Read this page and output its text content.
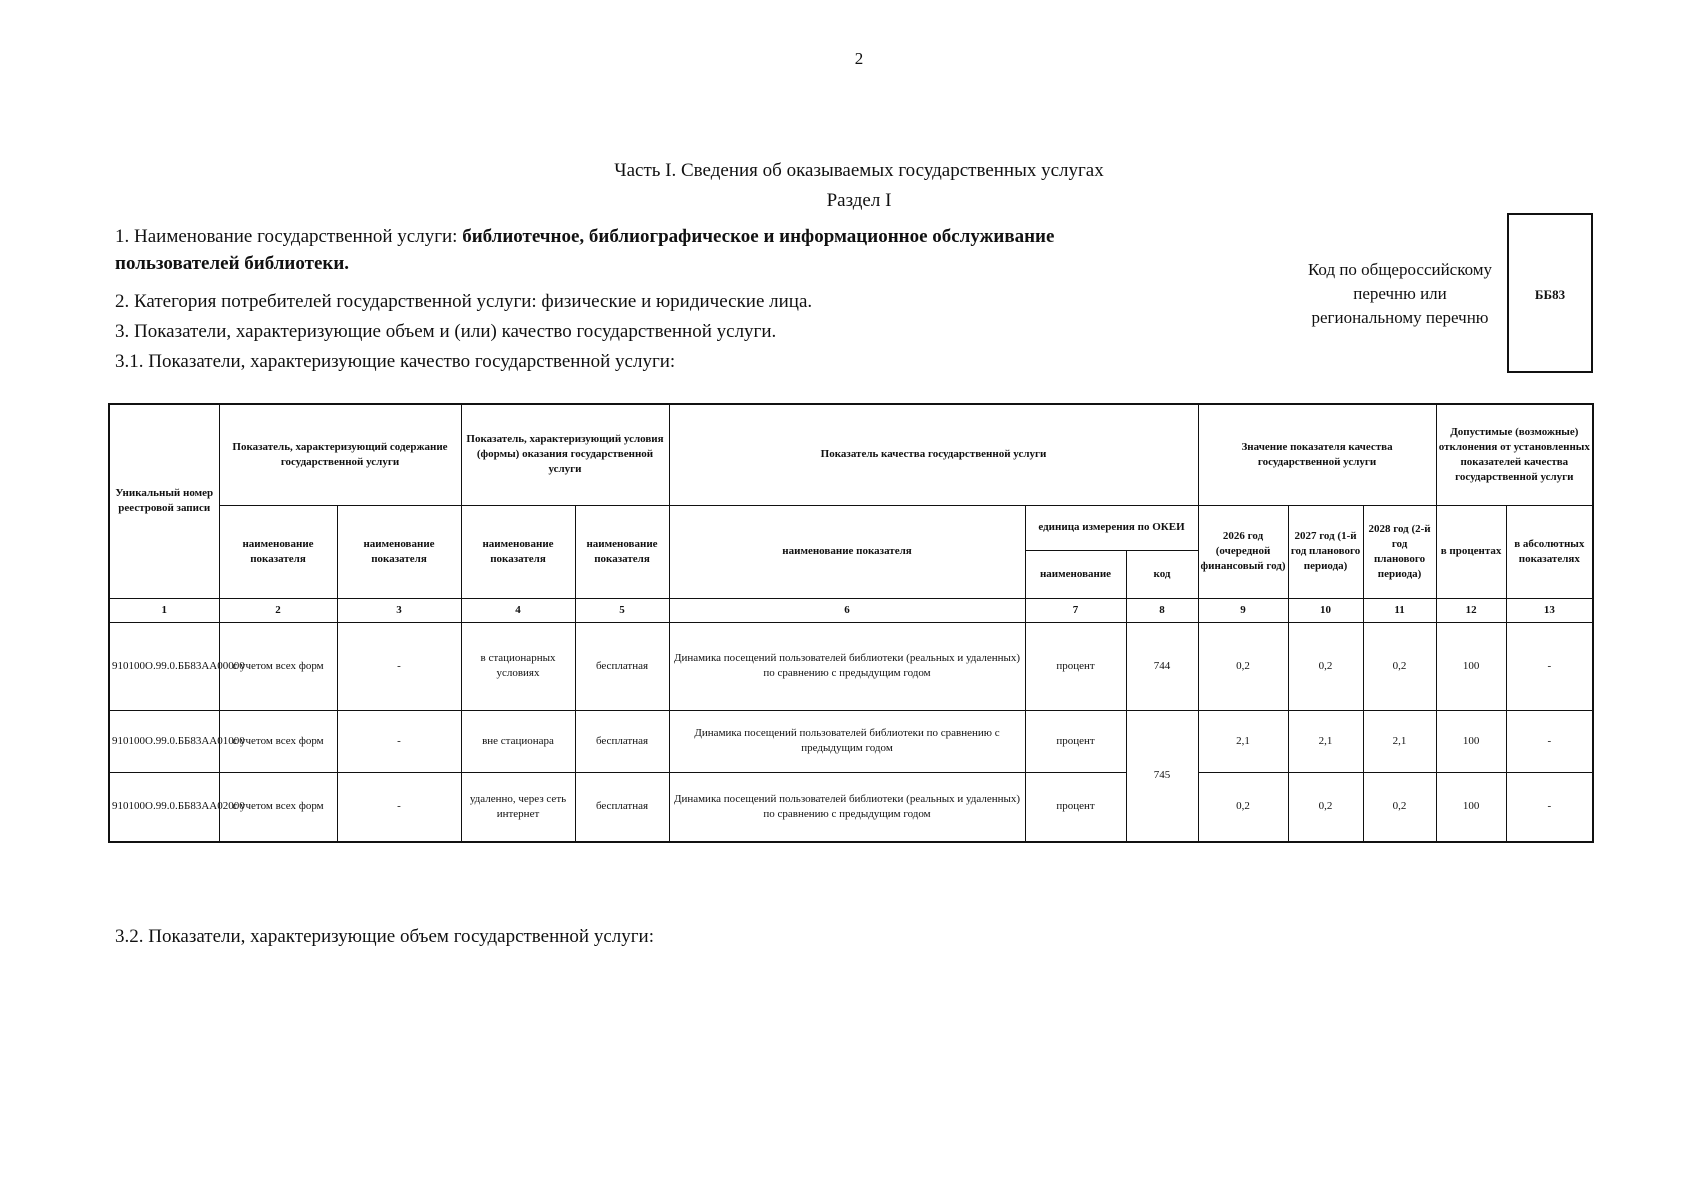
2
Часть I. Сведения об оказываемых государственных услугах
Раздел I
1. Наименование государственной услуги: библиотечное, библиографическое и информационное обслуживание
пользователей библиотеки.
2. Категория потребителей государственной услуги: физические и юридические лица.
3. Показатели, характеризующие объем и (или) качество государственной услуги.
3.1. Показатели, характеризующие качество государственной услуги:
Код по общероссийскому
перечню или
региональному перечню
ББ83
Уникальный номер реестровой записи	Показатель, характеризующий содержание государственной услуги		Показатель, характеризующий условия (формы) оказания государственной услуги		Показатель качества государственной услуги			Значение показателя качества государственной услуги			Допустимые (возможные) отклонения от установленных показателей качества государственной услуги	
	наименование показателя	наименование показателя	наименование показателя	наименование показателя	наименование показателя	единица измерения по ОКЕИ		2026 год (очередной финансовый год)	2027 год (1-й год планового периода)	2028 год (2-й год планового периода)	в процентах	в абсолютных показателях
						наименование	код					
1	2	3	4	5	6	7	8	9	10	11	12	13
910100О.99.0.ББ83АА00000	с учетом всех форм	-	в стационарных условиях	бесплатная	Динамика посещений пользователей библиотеки (реальных и удаленных) по сравнению с предыдущим годом	процент	744	0,2	0,2	0,2	100	-
910100О.99.0.ББ83АА01000	с учетом всех форм	-	вне стационара	бесплатная	Динамика посещений пользователей библиотеки по сравнению с предыдущим годом	процент	745	2,1	2,1	2,1	100	-
910100О.99.0.ББ83АА02000	с учетом всех форм	-	удаленно, через сеть интернет	бесплатная	Динамика посещений пользователей библиотеки (реальных и удаленных) по сравнению с предыдущим годом	процент		0,2	0,2	0,2	100	-
3.2. Показатели, характеризующие объем государственной услуги:
